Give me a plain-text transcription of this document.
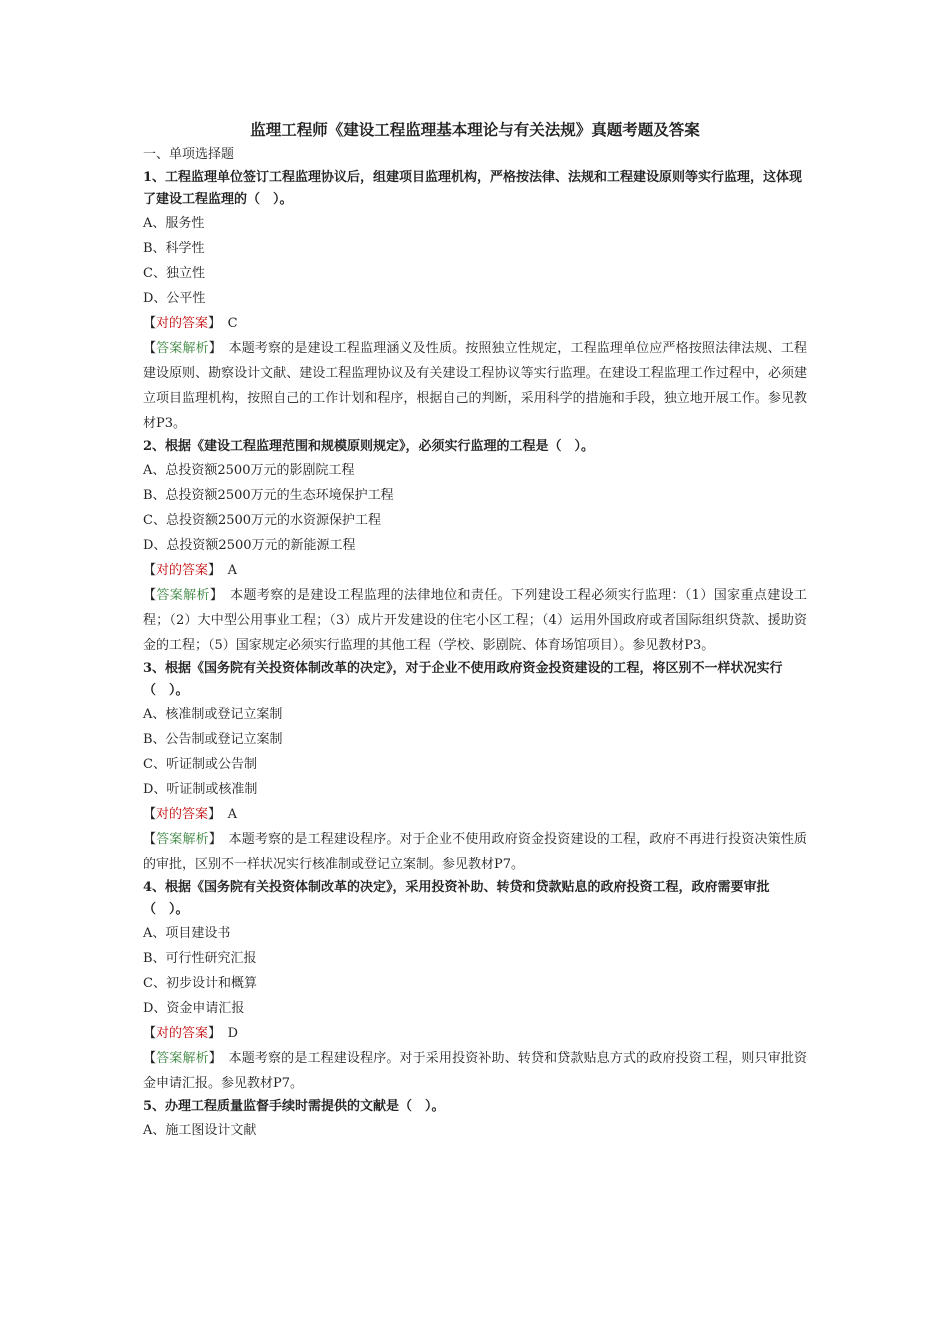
监理工程师《建设工程监理基本理论与有关法规》真题考题及答案
一、单项选择题
1、工程监理单位签订工程监理协议后，组建项目监理机构，严格按法律、法规和工程建设原则等实行监理，这体现了建设工程监理的（　）。
A、服务性
B、科学性
C、独立性
D、公平性
【对的答案】　 C
【答案解析】　 本题考察的是建设工程监理涵义及性质。按照独立性规定，工程监理单位应严格按照法律法规、工程建设原则、勘察设计文献、建设工程监理协议及有关建设工程协议等实行监理。在建设工程监理工作过程中，必须建立项目监理机构，按照自己的工作计划和程序，根据自己的判断，采用科学的措施和手段，独立地开展工作。参见教材P3。
2、根据《建设工程监理范围和规模原则规定》，必须实行监理的工程是（　）。
A、总投资额2500万元的影剧院工程
B、总投资额2500万元的生态环境保护工程
C、总投资额2500万元的水资源保护工程
D、总投资额2500万元的新能源工程
【对的答案】　 A
【答案解析】　 本题考察的是建设工程监理的法律地位和责任。下列建设工程必须实行监理：（1）国家重点建设工程；（2）大中型公用事业工程；（3）成片开发建设的住宅小区工程；（4）运用外国政府或者国际组织贷款、援助资金的工程；（5）国家规定必须实行监理的其他工程（学校、影剧院、体育场馆项目）。参见教材P3。
3、根据《国务院有关投资体制改革的决定》，对于企业不使用政府资金投资建设的工程，将区别不一样状况实行（　）。
A、核准制或登记立案制
B、公告制或登记立案制
C、听证制或公告制
D、听证制或核准制
【对的答案】　 A
【答案解析】　 本题考察的是工程建设程序。对于企业不使用政府资金投资建设的工程，政府不再进行投资决策性质的审批，区别不一样状况实行核准制或登记立案制。参见教材P7。
4、根据《国务院有关投资体制改革的决定》，采用投资补助、转贷和贷款贴息的政府投资工程，政府需要审批（　）。
A、项目建设书
B、可行性研究汇报
C、初步设计和概算
D、资金申请汇报
【对的答案】　 D
【答案解析】　 本题考察的是工程建设程序。对于采用投资补助、转贷和贷款贴息方式的政府投资工程，则只审批资金申请汇报。参见教材P7。
5、办理工程质量监督手续时需提供的文献是（　）。
A、施工图设计文献
